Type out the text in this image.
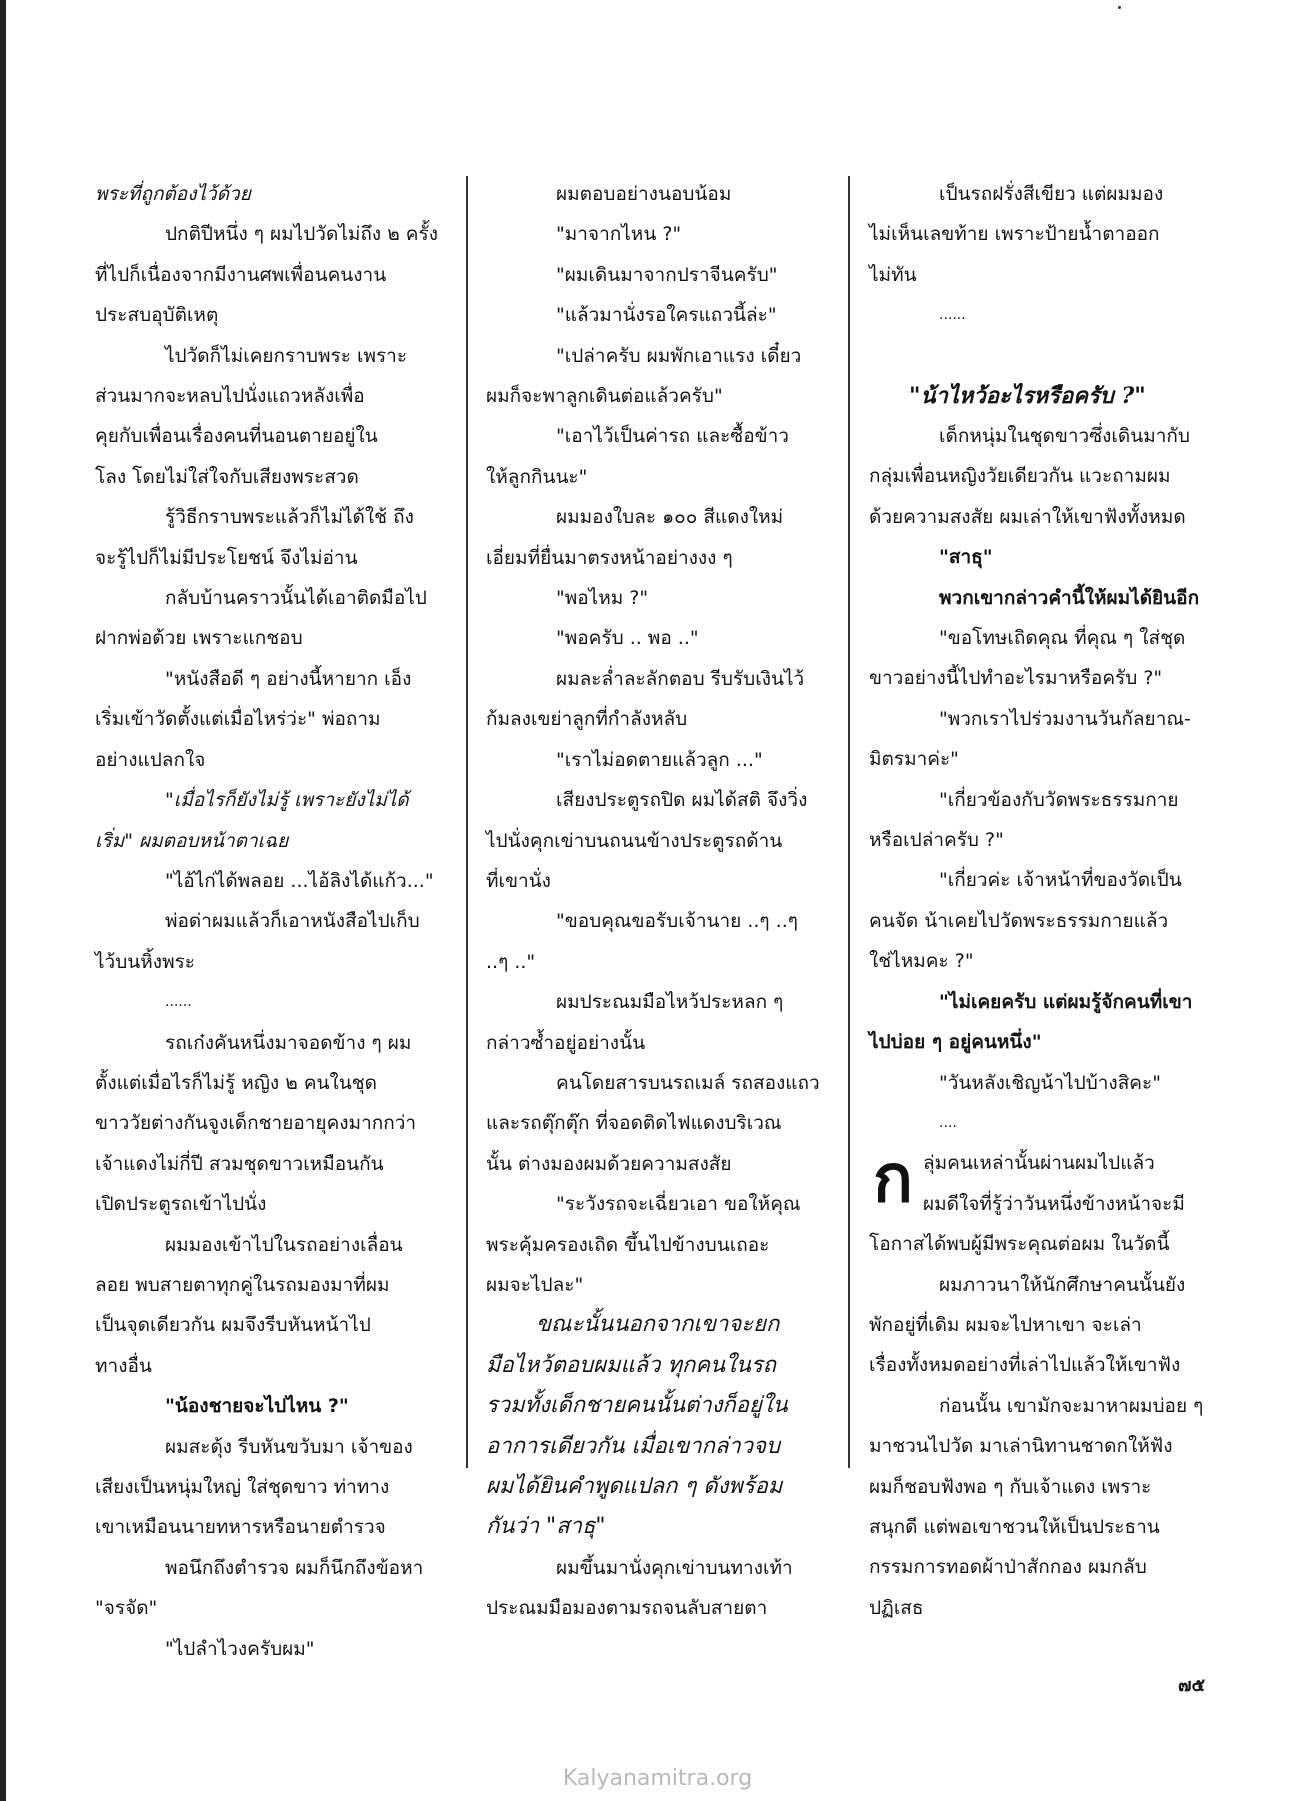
พระที่ถูกต้องไว้ด้วย

ปกติปีหนึ่ง ๆ ผมไปวัดไม่ถึง ๒ ครั้ง
ที่ไปก็เนื่องจากมีงานศพเพื่อนคนงาน
ประสบอุบัติเหตุ

ไปวัดก็ไม่เคยกราบพระ เพราะ
ส่วนมากจะหลบไปนั่งแถวหลังเพื่อ
คุยกับเพื่อนเรื่องคนที่นอนตายอยู่ใน
โลง โดยไม่ใส่ใจกับเสียงพระสวด

รู้วิธีกราบพระแล้วก็ไม่ได้ใช้ ถึง
จะรู้ไปก็ไม่มีประโยชน์ จึงไม่อ่าน

กลับบ้านคราวนั้นได้เอาติดมือไป
ฝากพ่อด้วย เพราะแกชอบ

"หนังสือดี ๆ อย่างนี้หายาก เอ็ง
เริ่มเข้าวัดตั้งแต่เมื่อไหร่ว่ะ" พ่อถาม
อย่างแปลกใจ

"เมื่อไรก็ยังไม่รู้ เพราะยังไม่ได้
เริ่ม" ผมตอบหน้าตาเฉย

"ไอ้ไก่ได้พลอย ...ไอ้ลิงได้แก้ว..."

พ่อด่าผมแล้วก็เอาหนังสือไปเก็บ
ไว้บนหิ้งพระ

......

รถเก๋งคันหนึ่งมาจอดข้าง ๆ ผม
ตั้งแต่เมื่อไรก็ไม่รู้ หญิง ๒ คนในชุด
ขาววัยต่างกันจูงเด็กชายอายุคงมากกว่า
เจ้าแดงไม่กี่ปี สวมชุดขาวเหมือนกัน
เปิดประตูรถเข้าไปนั่ง

ผมมองเข้าไปในรถอย่างเลื่อน
ลอย พบสายตาทุกคู่ในรถมองมาที่ผม
เป็นจุดเดียวกัน ผมจึงรีบหันหน้าไป
ทางอื่น

"น้องชายจะไปไหน ?"

ผมสะดุ้ง รีบหันขวับมา เจ้าของ
เสียงเป็นหนุ่มใหญ่ ใส่ชุดขาว ท่าทาง
เขาเหมือนนายทหารหรือนายตำรวจ

พอนึกถึงตำรวจ ผมก็นึกถึงข้อหา
"จรจัด"

"ไปลำไวงครับผม"

ผมตอบอย่างนอบน้อม

"มาจากไหน ?"

"ผมเดินมาจากปราจีนครับ"

"แล้วมานั่งรอใครแถวนี้ล่ะ"

"เปล่าครับ ผมพักเอาแรง เดี๋ยว
ผมก็จะพาลูกเดินต่อแล้วครับ"

"เอาไว้เป็นค่ารถ และซื้อข้าว
ให้ลูกกินนะ"

ผมมองใบละ ๑๐๐ สีแดงใหม่
เอี่ยมที่ยื่นมาตรงหน้าอย่างงง ๆ

"พอไหม ?"

"พอครับ .. พอ .."

ผมละล่ำละลักตอบ รีบรับเงินไว้
ก้มลงเขย่าลูกที่กำลังหลับ

"เราไม่อดตายแล้วลูก ..."

เสียงประตูรถปิด ผมได้สติ จึงวิ่ง
ไปนั่งคุกเข่าบนถนนข้างประตูรถด้าน
ที่เขานั่ง

"ขอบคุณขอรับเจ้านาย ..ๆ ..ๆ
..ๆ .."

ผมประณมมือไหว้ประหลก ๆ
กล่าวซ้ำอยู่อย่างนั้น

คนโดยสารบนรถเมล์ รถสองแถว
และรถตุ๊กตุ๊ก ที่จอดติดไฟแดงบริเวณ
นั้น ต่างมองผมด้วยความสงสัย

"ระวังรถจะเฉี่ยวเอา ขอให้คุณ
พระคุ้มครองเถิด ขึ้นไปข้างบนเถอะ
ผมจะไปละ"

ขณะนั้นนอกจากเขาจะยก
มือไหว้ตอบผมแล้ว ทุกคนในรถ
รวมทั้งเด็กชายคนนั้นต่างก็อยู่ใน
อาการเดียวกัน เมื่อเขากล่าวจบ
ผมได้ยินคำพูดแปลก ๆ ดังพร้อม
กันว่า "สาธุ"

ผมขึ้นมานั่งคุกเข่าบนทางเท้า
ประณมมือมองตามรถจนลับสายตา

เป็นรถฝรั่งสีเขียว แต่ผมมอง
ไม่เห็นเลขท้าย เพราะป้ายน้ำตาออก
ไม่ทัน

......

"น้าไหว้อะไรหรือครับ ?"

เด็กหนุ่มในชุดขาวซึ่งเดินมากับ
กลุ่มเพื่อนหญิงวัยเดียวกัน แวะถามผม
ด้วยความสงสัย ผมเล่าให้เขาฟังทั้งหมด

"สาธุ"

พวกเขากล่าวคำนี้ให้ผมได้ยินอีก

"ขอโทษเถิดคุณ ที่คุณ ๆ ใส่ชุด
ขาวอย่างนี้ไปทำอะไรมาหรือครับ ?"

"พวกเราไปร่วมงานวันกัลยาณ-
มิตรมาค่ะ"

"เกี่ยวข้องกับวัดพระธรรมกาย
หรือเปล่าครับ ?"

"เกี่ยวค่ะ เจ้าหน้าที่ของวัดเป็น
คนจัด น้าเคยไปวัดพระธรรมกายแล้ว
ใช่ไหมคะ ?"

"ไม่เคยครับ แต่ผมรู้จักคนที่เขา
ไปบ่อย ๆ อยู่คนหนึ่ง"

"วันหลังเชิญน้าไปบ้างสิคะ"

....

กลุ่มคนเหล่านั้นผ่านผมไปแล้ว
ผมดีใจที่รู้ว่าวันหนึ่งข้างหน้าจะมี
โอกาสได้พบผู้มีพระคุณต่อผม ในวัดนี้

ผมภาวนาให้นักศึกษาคนนั้นยัง
พักอยู่ที่เดิม ผมจะไปหาเขา จะเล่า
เรื่องทั้งหมดอย่างที่เล่าไปแล้วให้เขาฟัง

ก่อนนั้น เขามักจะมาหาผมบ่อย ๆ
มาชวนไปวัด มาเล่านิทานชาดกให้ฟัง
ผมก็ชอบฟังพอ ๆ กับเจ้าแดง เพราะ
สนุกดี แต่พอเขาชวนให้เป็นประธาน
กรรมการทอดผ้าป่าสักกอง ผมกลับ
ปฏิเสธ

๗๕
Kalyanamitra.org
